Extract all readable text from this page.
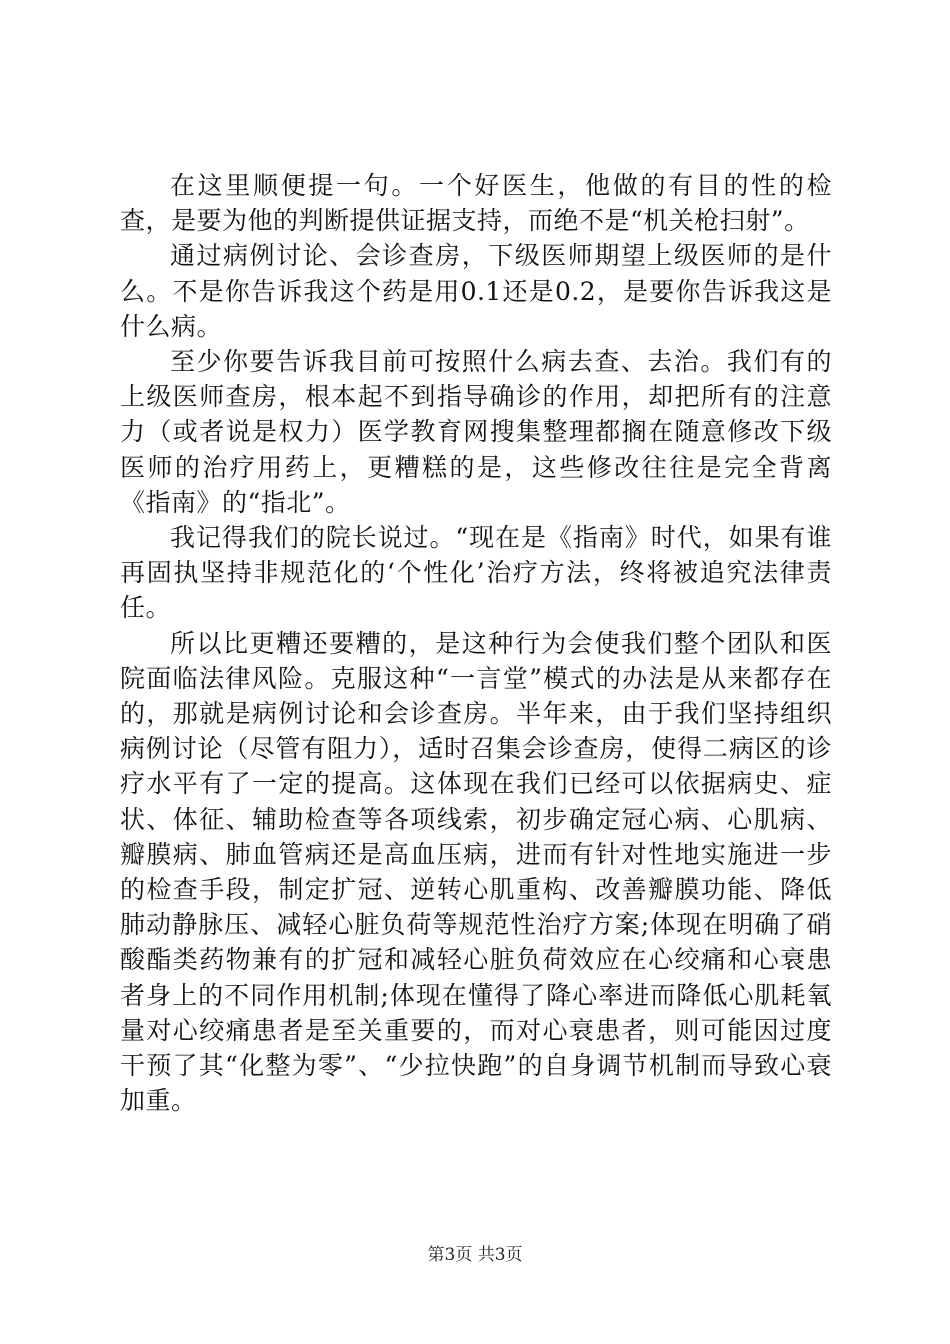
在这里顺便提一句。一个好医生，他做的有目的性的检查，是要为他的判断提供证据支持，而绝不是“机关枪扫射”。

通过病例讨论、会诊查房，下级医师期望上级医师的是什么。不是你告诉我这个药是用0.1还是0.2，是要你告诉我这是什么病。

至少你要告诉我目前可按照什么病去查、去治。我们有的上级医师查房，根本起不到指导确诊的作用，却把所有的注意力（或者说是权力）医学教育网搜集整理都搁在随意修改下级医师的治疗用药上，更糟糕的是，这些修改往往是完全背离《指南》的“指北”。

我记得我们的院长说过。“现在是《指南》时代，如果有谁再固执坚持非规范化的‘个性化’治疗方法，终将被追究法律责任。

所以比更糟还要糟的，是这种行为会使我们整个团队和医院面临法律风险。克服这种“一言堂”模式的办法是从来都存在的，那就是病例讨论和会诊查房。半年来，由于我们坚持组织病例讨论（尽管有阻力），适时召集会诊查房，使得二病区的诊疗水平有了一定的提高。这体现在我们已经可以依据病史、症状、体征、辅助检查等各项线索，初步确定冠心病、心肌病、瓣膜病、肺血管病还是高血压病，进而有针对性地实施进一步的检查手段，制定扩冠、逆转心肌重构、改善瓣膜功能、降低肺动静脉压、减轻心脏负荷等规范性治疗方案;体现在明确了硝酸酯类药物兼有的扩冠和减轻心脏负荷效应在心绞痛和心衰患者身上的不同作用机制;体现在懂得了降心率进而降低心肌耗氧量对心绞痛患者是至关重要的，而对心衰患者，则可能因过度干预了其“化整为零”、“少拉快跑”的自身调节机制而导致心衰加重。

第3页 共3页
